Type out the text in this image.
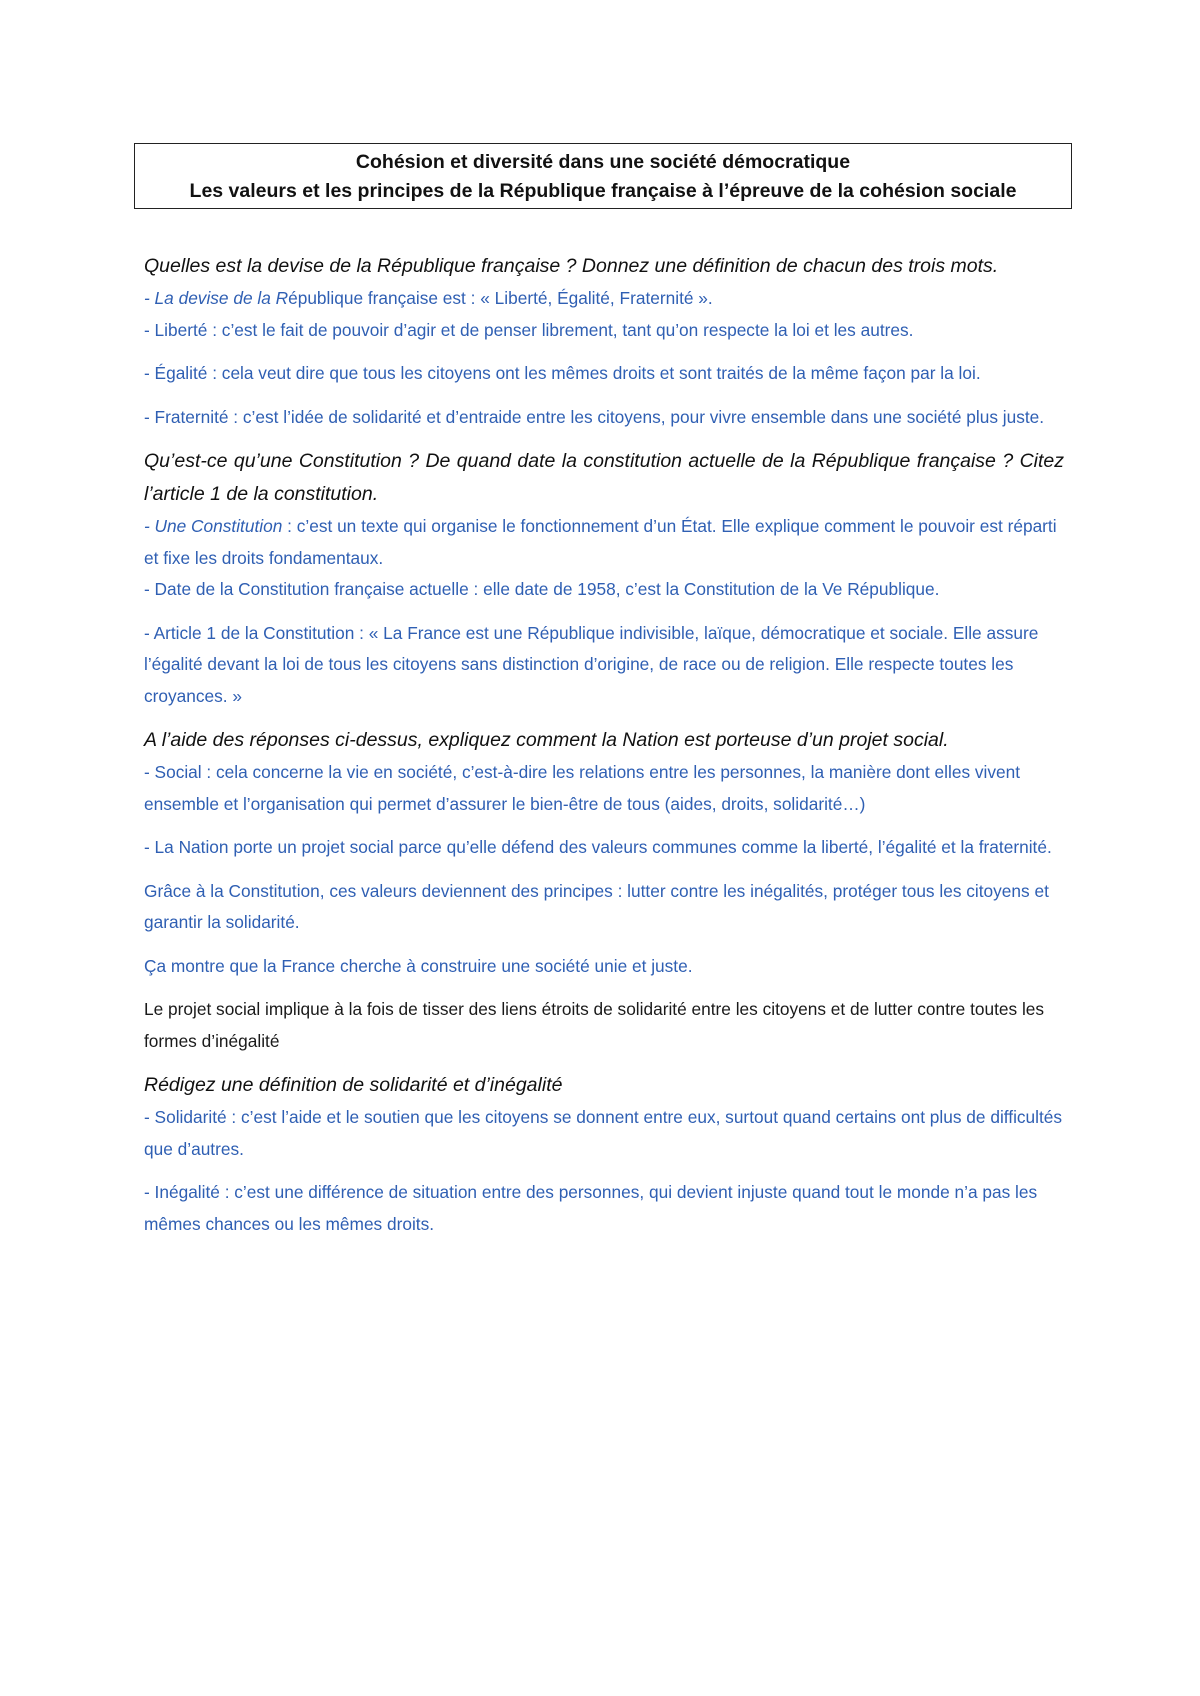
Cohésion et diversité dans une société démocratique
Les valeurs et les principes de la République française à l’épreuve de la cohésion sociale

Quelles est la devise de la République française ? Donnez une définition de chacun des trois mots.

- La devise de la République française est : « Liberté, Égalité, Fraternité ».

- Liberté : c’est le fait de pouvoir d’agir et de penser librement, tant qu’on respecte la loi et les autres.

- Égalité : cela veut dire que tous les citoyens ont les mêmes droits et sont traités de la même façon par la loi.

- Fraternité : c’est l’idée de solidarité et d’entraide entre les citoyens, pour vivre ensemble dans une société plus juste.

Qu’est-ce qu’une Constitution ? De quand date la constitution actuelle de la République française ? Citez l’article 1 de la constitution.

- Une Constitution : c’est un texte qui organise le fonctionnement d’un État. Elle explique comment le pouvoir est réparti et fixe les droits fondamentaux.

- Date de la Constitution française actuelle : elle date de 1958, c’est la Constitution de la Ve République.

- Article 1 de la Constitution : « La France est une République indivisible, laïque, démocratique et sociale. Elle assure l’égalité devant la loi de tous les citoyens sans distinction d’origine, de race ou de religion. Elle respecte toutes les croyances. »

A l’aide des réponses ci-dessus, expliquez comment la Nation est porteuse d’un projet social.

- Social : cela concerne la vie en société, c’est-à-dire les relations entre les personnes, la manière dont elles vivent ensemble et l’organisation qui permet d’assurer le bien-être de tous (aides, droits, solidarité…)

- La Nation porte un projet social parce qu’elle défend des valeurs communes comme la liberté, l’égalité et la fraternité.

Grâce à la Constitution, ces valeurs deviennent des principes : lutter contre les inégalités, protéger tous les citoyens et garantir la solidarité.

Ça montre que la France cherche à construire une société unie et juste.

Le projet social implique à la fois de tisser des liens étroits de solidarité entre les citoyens et de lutter contre toutes les formes d’inégalité

Rédigez une définition de solidarité et d’inégalité

- Solidarité : c’est l’aide et le soutien que les citoyens se donnent entre eux, surtout quand certains ont plus de difficultés que d’autres.

- Inégalité : c’est une différence de situation entre des personnes, qui devient injuste quand tout le monde n’a pas les mêmes chances ou les mêmes droits.
